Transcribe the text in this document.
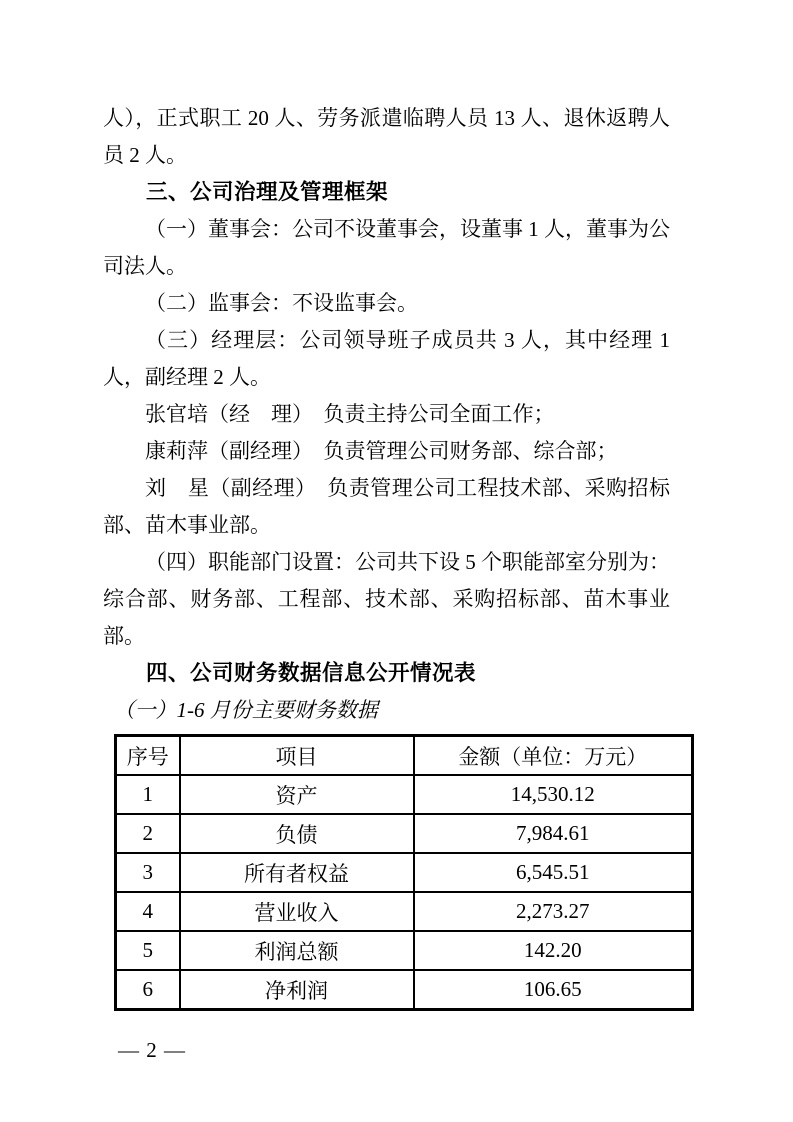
人），正式职工 20 人、劳务派遣临聘人员 13 人、退休返聘人员 2 人。

三、公司治理及管理框架

（一）董事会：公司不设董事会，设董事 1 人，董事为公司法人。

（二）监事会：不设监事会。

（三）经理层：公司领导班子成员共 3 人，其中经理 1 人，副经理 2 人。

张官培（经　理）　负责主持公司全面工作；

康莉萍（副经理）　负责管理公司财务部、综合部；

刘　星（副经理）　负责管理公司工程技术部、采购招标部、苗木事业部。

（四）职能部门设置：公司共下设 5 个职能部室分别为：综合部、财务部、工程部、技术部、采购招标部、苗木事业部。

四、公司财务数据信息公开情况表

（一）1-6 月份主要财务数据

序号	项目	金额（单位：万元）
1	资产	14,530.12
2	负债	7,984.61
3	所有者权益	6,545.51
4	营业收入	2,273.27
5	利润总额	142.20
6	净利润	106.65
— 2 —
